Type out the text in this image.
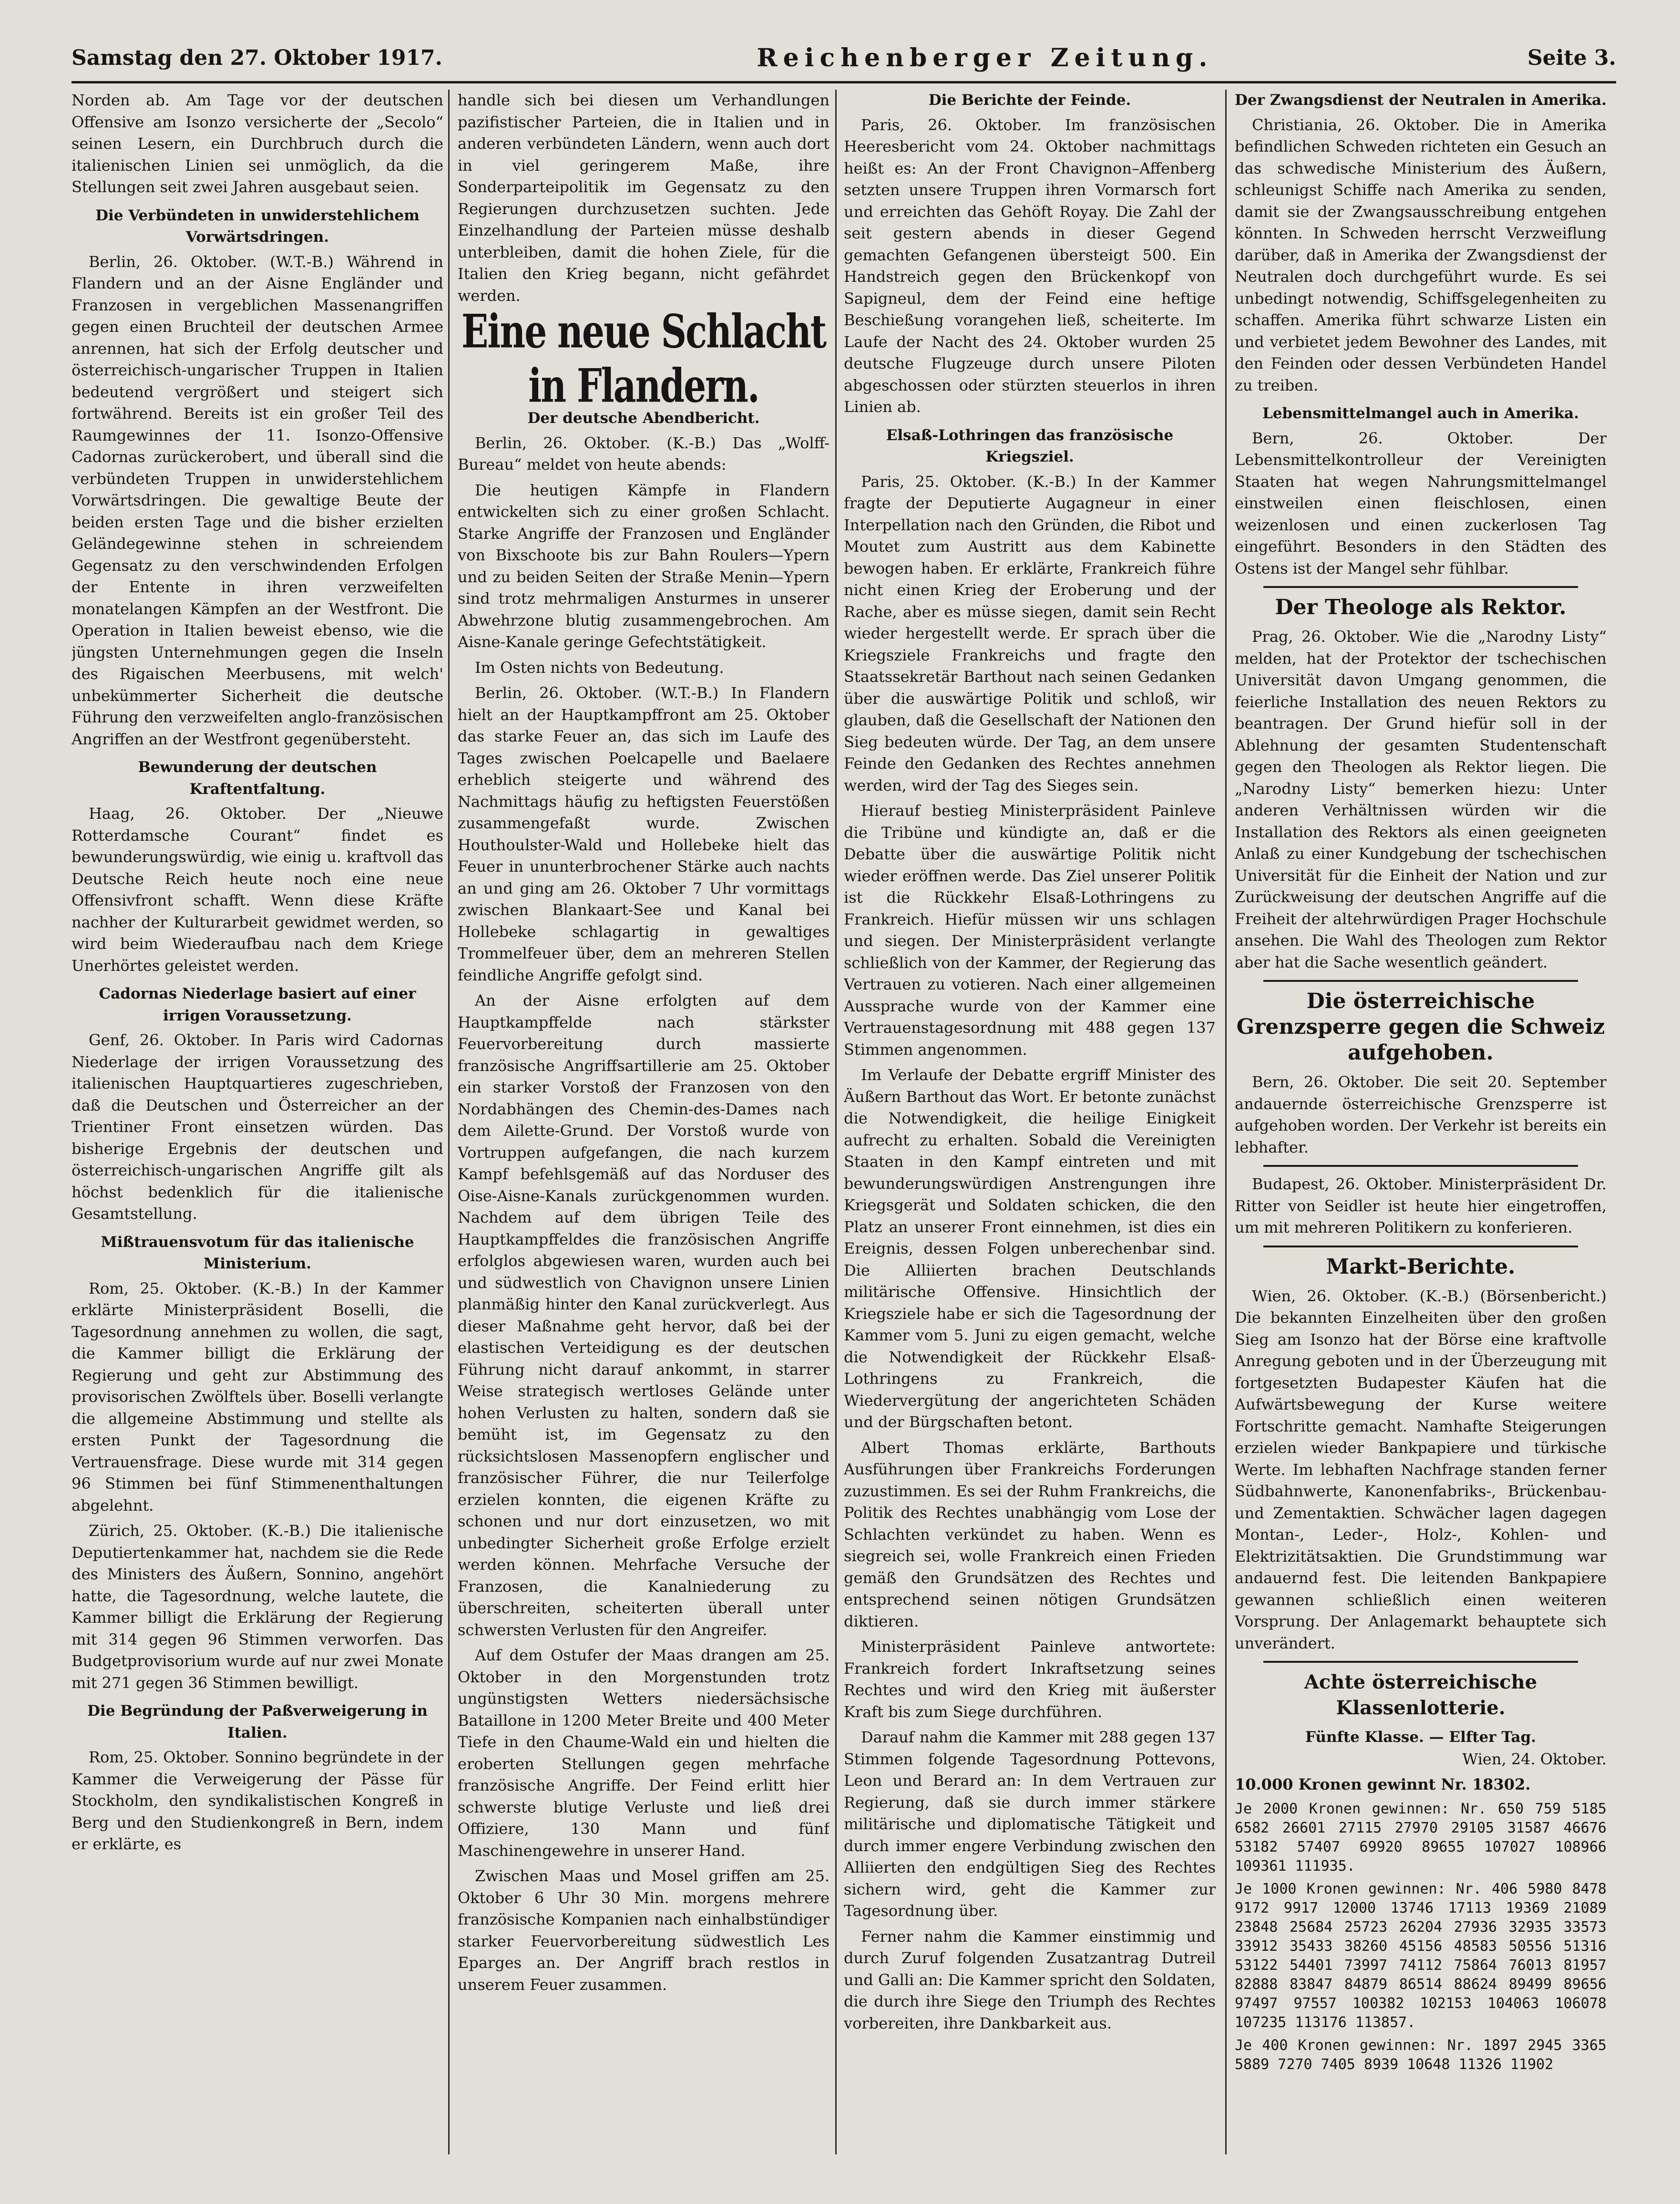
Samstag den 27. Oktober 1917.	Reichenberger Zeitung.	Seite 3.

Norden ab. Am Tage vor der deutschen Offensive am Isonzo versicherte der „Secolo“ seinen Lesern, ein Durchbruch durch die italienischen Linien sei unmöglich, da die Stellungen seit zwei Jahren ausgebaut seien.

Die Verbündeten in unwiderstehlichem Vorwärtsdringen.

Berlin, 26. Oktober. (W.T.-B.) Während in Flandern und an der Aisne Engländer und Franzosen in vergeblichen Massenangriffen gegen einen Bruchteil der deutschen Armee anrennen, hat sich der Erfolg deutscher und österreichisch-ungarischer Truppen in Italien bedeutend vergrößert und steigert sich fortwährend. Bereits ist ein großer Teil des Raumgewinnes der 11. Isonzo-Offensive Cadornas zurückerobert, und überall sind die verbündeten Truppen in unwiderstehlichem Vorwärtsdringen. Die gewaltige Beute der beiden ersten Tage und die bisher erzielten Geländegewinne stehen in schreiendem Gegensatz zu den verschwindenden Erfolgen der Entente in ihren verzweifelten monatelangen Kämpfen an der Westfront. Die Operation in Italien beweist ebenso, wie die jüngsten Unternehmungen gegen die Inseln des Rigaischen Meerbusens, mit welch' unbekümmerter Sicherheit die deutsche Führung den verzweifelten anglo-französischen Angriffen an der Westfront gegenübersteht.

Bewunderung der deutschen Kraftentfaltung.

Haag, 26. Oktober. Der „Nieuwe Rotterdamsche Courant“ findet es bewunderungswürdig, wie einig u. kraftvoll das Deutsche Reich heute noch eine neue Offensivfront schafft. Wenn diese Kräfte nachher der Kulturarbeit gewidmet werden, so wird beim Wiederaufbau nach dem Kriege Unerhörtes geleistet werden.

Cadornas Niederlage basiert auf einer irrigen Voraussetzung.

Genf, 26. Oktober. In Paris wird Cadornas Niederlage der irrigen Voraussetzung des italienischen Hauptquartieres zugeschrieben, daß die Deutschen und Österreicher an der Trientiner Front einsetzen würden. Das bisherige Ergebnis der deutschen und österreichisch-ungarischen Angriffe gilt als höchst bedenklich für die italienische Gesamtstellung.

Mißtrauensvotum für das italienische Ministerium.

Rom, 25. Oktober. (K.-B.) In der Kammer erklärte Ministerpräsident Boselli, die Tagesordnung annehmen zu wollen, die sagt, die Kammer billigt die Erklärung der Regierung und geht zur Abstimmung des provisorischen Zwölftels über. Boselli verlangte die allgemeine Abstimmung und stellte als ersten Punkt der Tagesordnung die Vertrauensfrage. Diese wurde mit 314 gegen 96 Stimmen bei fünf Stimmenenthaltungen abgelehnt.

Zürich, 25. Oktober. (K.-B.) Die italienische Deputiertenkammer hat, nachdem sie die Rede des Ministers des Äußern, Sonnino, angehört hatte, die Tagesordnung, welche lautete, die Kammer billigt die Erklärung der Regierung mit 314 gegen 96 Stimmen verworfen. Das Budgetprovisorium wurde auf nur zwei Monate mit 271 gegen 36 Stimmen bewilligt.

Die Begründung der Paßverweigerung in Italien.

Rom, 25. Oktober. Sonnino begründete in der Kammer die Verweigerung der Pässe für Stockholm, den syndikalistischen Kongreß in Berg und den Studienkongreß in Bern, indem er erklärte, es

handle sich bei diesen um Verhandlungen pazifistischer Parteien, die in Italien und in anderen verbündeten Ländern, wenn auch dort in viel geringerem Maße, ihre Sonderparteipolitik im Gegensatz zu den Regierungen durchzusetzen suchten. Jede Einzelhandlung der Parteien müsse deshalb unterbleiben, damit die hohen Ziele, für die Italien den Krieg begann, nicht gefährdet werden.

Eine neue Schlacht in Flandern.
Der deutsche Abendbericht.

Berlin, 26. Oktober. (K.-B.) Das „Wolff-Bureau“ meldet von heute abends:

Die heutigen Kämpfe in Flandern entwickelten sich zu einer großen Schlacht. Starke Angriffe der Franzosen und Engländer von Bixschoote bis zur Bahn Roulers—Ypern und zu beiden Seiten der Straße Menin—Ypern sind trotz mehrmaligen Ansturmes in unserer Abwehrzone blutig zusammengebrochen. Am Aisne-Kanale geringe Gefechtstätigkeit.

Im Osten nichts von Bedeutung.

Berlin, 26. Oktober. (W.T.-B.) In Flandern hielt an der Hauptkampffront am 25. Oktober das starke Feuer an, das sich im Laufe des Tages zwischen Poelcapelle und Baelaere erheblich steigerte und während des Nachmittags häufig zu heftigsten Feuerstößen zusammengefaßt wurde. Zwischen Houthoulster-Wald und Hollebeke hielt das Feuer in ununterbrochener Stärke auch nachts an und ging am 26. Oktober 7 Uhr vormittags zwischen Blankaart-See und Kanal bei Hollebeke schlagartig in gewaltiges Trommelfeuer über, dem an mehreren Stellen feindliche Angriffe gefolgt sind.

An der Aisne erfolgten auf dem Hauptkampffelde nach stärkster Feuervorbereitung durch massierte französische Angriffsartillerie am 25. Oktober ein starker Vorstoß der Franzosen von den Nordabhängen des Chemin-des-Dames nach dem Ailette-Grund. Der Vorstoß wurde von Vortruppen aufgefangen, die nach kurzem Kampf befehlsgemäß auf das Norduser des Oise-Aisne-Kanals zurückgenommen wurden. Nachdem auf dem übrigen Teile des Hauptkampffeldes die französischen Angriffe erfolglos abgewiesen waren, wurden auch bei und südwestlich von Chavignon unsere Linien planmäßig hinter den Kanal zurückverlegt. Aus dieser Maßnahme geht hervor, daß bei der elastischen Verteidigung es der deutschen Führung nicht darauf ankommt, in starrer Weise strategisch wertloses Gelände unter hohen Verlusten zu halten, sondern daß sie bemüht ist, im Gegensatz zu den rücksichtslosen Massenopfern englischer und französischer Führer, die nur Teilerfolge erzielen konnten, die eigenen Kräfte zu schonen und nur dort einzusetzen, wo mit unbedingter Sicherheit große Erfolge erzielt werden können. Mehrfache Versuche der Franzosen, die Kanalniederung zu überschreiten, scheiterten überall unter schwersten Verlusten für den Angreifer.

Auf dem Ostufer der Maas drangen am 25. Oktober in den Morgenstunden trotz ungünstigsten Wetters niedersächsische Bataillone in 1200 Meter Breite und 400 Meter Tiefe in den Chaume-Wald ein und hielten die eroberten Stellungen gegen mehrfache französische Angriffe. Der Feind erlitt hier schwerste blutige Verluste und ließ drei Offiziere, 130 Mann und fünf Maschinengewehre in unserer Hand.

Zwischen Maas und Mosel griffen am 25. Oktober 6 Uhr 30 Min. morgens mehrere französische Kompanien nach einhalbstündiger starker Feuervorbereitung südwestlich Les Eparges an. Der Angriff brach restlos in unserem Feuer zusammen.

Die Berichte der Feinde.

Paris, 26. Oktober. Im französischen Heeresbericht vom 24. Oktober nachmittags heißt es: An der Front Chavignon–Affenberg setzten unsere Truppen ihren Vormarsch fort und erreichten das Gehöft Royay. Die Zahl der seit gestern abends in dieser Gegend gemachten Gefangenen übersteigt 500. Ein Handstreich gegen den Brückenkopf von Sapigneul, dem der Feind eine heftige Beschießung vorangehen ließ, scheiterte. Im Laufe der Nacht des 24. Oktober wurden 25 deutsche Flugzeuge durch unsere Piloten abgeschossen oder stürzten steuerlos in ihren Linien ab.

Elsaß-Lothringen das französische Kriegsziel.

Paris, 25. Oktober. (K.-B.) In der Kammer fragte der Deputierte Augagneur in einer Interpellation nach den Gründen, die Ribot und Moutet zum Austritt aus dem Kabinette bewogen haben. Er erklärte, Frankreich führe nicht einen Krieg der Eroberung und der Rache, aber es müsse siegen, damit sein Recht wieder hergestellt werde. Er sprach über die Kriegsziele Frankreichs und fragte den Staatssekretär Barthout nach seinen Gedanken über die auswärtige Politik und schloß, wir glauben, daß die Gesellschaft der Nationen den Sieg bedeuten würde. Der Tag, an dem unsere Feinde den Gedanken des Rechtes annehmen werden, wird der Tag des Sieges sein.

Hierauf bestieg Ministerpräsident Painleve die Tribüne und kündigte an, daß er die Debatte über die auswärtige Politik nicht wieder eröffnen werde. Das Ziel unserer Politik ist die Rückkehr Elsaß-Lothringens zu Frankreich. Hiefür müssen wir uns schlagen und siegen. Der Ministerpräsident verlangte schließlich von der Kammer, der Regierung das Vertrauen zu votieren. Nach einer allgemeinen Aussprache wurde von der Kammer eine Vertrauenstagesordnung mit 488 gegen 137 Stimmen angenommen.

Im Verlaufe der Debatte ergriff Minister des Äußern Barthout das Wort. Er betonte zunächst die Notwendigkeit, die heilige Einigkeit aufrecht zu erhalten. Sobald die Vereinigten Staaten in den Kampf eintreten und mit bewunderungswürdigen Anstrengungen ihre Kriegsgerät und Soldaten schicken, die den Platz an unserer Front einnehmen, ist dies ein Ereignis, dessen Folgen unberechenbar sind. Die Alliierten brachen Deutschlands militärische Offensive. Hinsichtlich der Kriegsziele habe er sich die Tagesordnung der Kammer vom 5. Juni zu eigen gemacht, welche die Notwendigkeit der Rückkehr Elsaß-Lothringens zu Frankreich, die Wiedervergütung der angerichteten Schäden und der Bürgschaften betont.

Albert Thomas erklärte, Barthouts Ausführungen über Frankreichs Forderungen zuzustimmen. Es sei der Ruhm Frankreichs, die Politik des Rechtes unabhängig vom Lose der Schlachten verkündet zu haben. Wenn es siegreich sei, wolle Frankreich einen Frieden gemäß den Grundsätzen des Rechtes und entsprechend seinen nötigen Grundsätzen diktieren.

Ministerpräsident Painleve antwortete: Frankreich fordert Inkraftsetzung seines Rechtes und wird den Krieg mit äußerster Kraft bis zum Siege durchführen.

Darauf nahm die Kammer mit 288 gegen 137 Stimmen folgende Tagesordnung Pottevons, Leon und Berard an: In dem Vertrauen zur Regierung, daß sie durch immer stärkere militärische und diplomatische Tätigkeit und durch immer engere Verbindung zwischen den Alliierten den endgültigen Sieg des Rechtes sichern wird, geht die Kammer zur Tagesordnung über.

Ferner nahm die Kammer einstimmig und durch Zuruf folgenden Zusatzantrag Dutreil und Galli an: Die Kammer spricht den Soldaten, die durch ihre Siege den Triumph des Rechtes vorbereiten, ihre Dankbarkeit aus.

Der Zwangsdienst der Neutralen in Amerika.

Christiania, 26. Oktober. Die in Amerika befindlichen Schweden richteten ein Gesuch an das schwedische Ministerium des Äußern, schleunigst Schiffe nach Amerika zu senden, damit sie der Zwangsausschreibung entgehen könnten. In Schweden herrscht Verzweiflung darüber, daß in Amerika der Zwangsdienst der Neutralen doch durchgeführt wurde. Es sei unbedingt notwendig, Schiffsgelegenheiten zu schaffen. Amerika führt schwarze Listen ein und verbietet jedem Bewohner des Landes, mit den Feinden oder dessen Verbündeten Handel zu treiben.

Lebensmittelmangel auch in Amerika.

Bern, 26. Oktober. Der Lebensmittelkontrolleur der Vereinigten Staaten hat wegen Nahrungsmittelmangel einstweilen einen fleischlosen, einen weizenlosen und einen zuckerlosen Tag eingeführt. Besonders in den Städten des Ostens ist der Mangel sehr fühlbar.

Der Theologe als Rektor.

Prag, 26. Oktober. Wie die „Narodny Listy“ melden, hat der Protektor der tschechischen Universität davon Umgang genommen, die feierliche Installation des neuen Rektors zu beantragen. Der Grund hiefür soll in der Ablehnung der gesamten Studentenschaft gegen den Theologen als Rektor liegen. Die „Narodny Listy“ bemerken hiezu: Unter anderen Verhältnissen würden wir die Installation des Rektors als einen geeigneten Anlaß zu einer Kundgebung der tschechischen Universität für die Einheit der Nation und zur Zurückweisung der deutschen Angriffe auf die Freiheit der altehrwürdigen Prager Hochschule ansehen. Die Wahl des Theologen zum Rektor aber hat die Sache wesentlich geändert.

Die österreichische Grenzsperre gegen die Schweiz aufgehoben.

Bern, 26. Oktober. Die seit 20. September andauernde österreichische Grenzsperre ist aufgehoben worden. Der Verkehr ist bereits ein lebhafter.

Budapest, 26. Oktober. Ministerpräsident Dr. Ritter von Seidler ist heute hier eingetroffen, um mit mehreren Politikern zu konferieren.

Markt-Berichte.

Wien, 26. Oktober. (K.-B.) (Börsenbericht.) Die bekannten Einzelheiten über den großen Sieg am Isonzo hat der Börse eine kraftvolle Anregung geboten und in der Überzeugung mit fortgesetzten Budapester Käufen hat die Aufwärtsbewegung der Kurse weitere Fortschritte gemacht. Namhafte Steigerungen erzielen wieder Bankpapiere und türkische Werte. Im lebhaften Nachfrage standen ferner Südbahnwerte, Kanonenfabriks-, Brückenbau- und Zementaktien. Schwächer lagen dagegen Montan-, Leder-, Holz-, Kohlen- und Elektrizitätsaktien. Die Grundstimmung war andauernd fest. Die leitenden Bankpapiere gewannen schließlich einen weiteren Vorsprung. Der Anlagemarkt behauptete sich unverändert.

Achte österreichische Klassenlotterie.
Fünfte Klasse. — Elfter Tag.

Wien, 24. Oktober.

10.000 Kronen gewinnt Nr. 18302.

Je 2000 Kronen gewinnen: Nr. 650 759 5185 6582 26601 27115 27970 29105 31587 46676 53182 57407 69920 89655 107027 108966 109361 111935.

Je 1000 Kronen gewinnen: Nr. 406 5980 8478 9172 9917 12000 13746 17113 19369 21089 23848 25684 25723 26204 27936 32935 33573 33912 35433 38260 45156 48583 50556 51316 53122 54401 73997 74112 75864 76013 81957 82888 83847 84879 86514 88624 89499 89656 97497 97557 100382 102153 104063 106078 107235 113176 113857.

Je 400 Kronen gewinnen: Nr. 1897 2945 3365 5889 7270 7405 8939 10648 11326 11902
